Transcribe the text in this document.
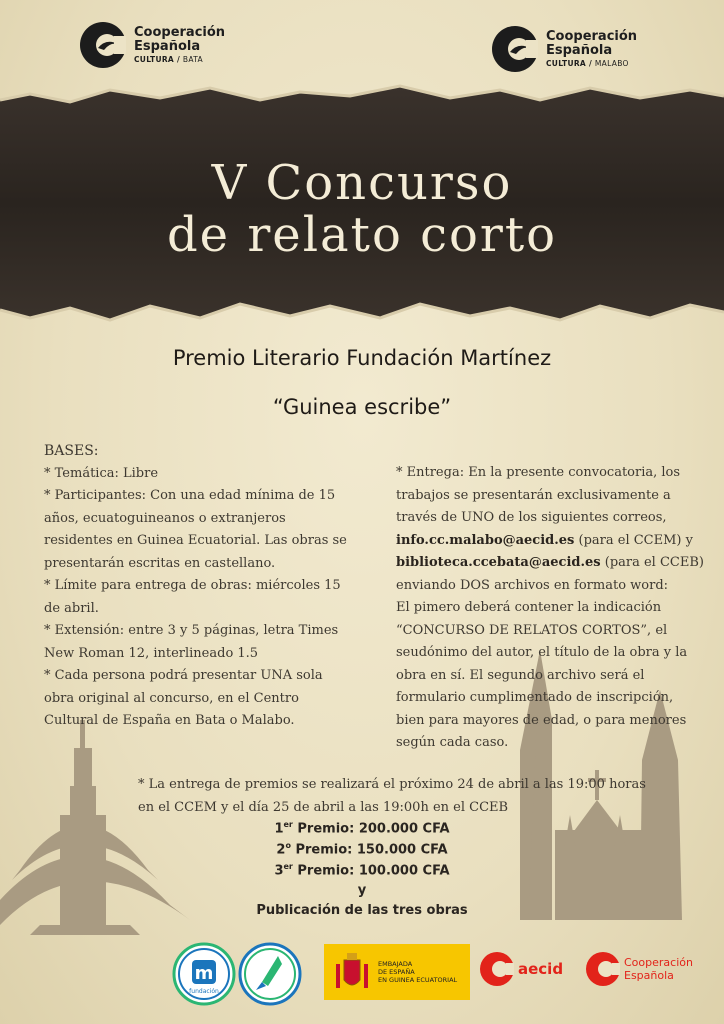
Cooperación
Española
CULTURA / BATA
Cooperación
Española
CULTURA / MALABO
V Concurso
de relato corto
Premio Literario Fundación Martínez
“Guinea escribe”

BASES:

* Temática: Libre

* Participantes: Con una edad mínima de 15

años, ecuatoguineanos o extranjeros

residentes en Guinea Ecuatorial. Las obras se

presentarán escritas en castellano.

* Límite para entrega de obras: miércoles 15

de abril.

* Extensión: entre 3 y 5 páginas, letra Times

New Roman 12, interlineado 1.5

* Cada persona podrá presentar UNA sola

obra original al concurso, en el Centro

Cultural de España en Bata o Malabo.

* Entrega: En la presente convocatoria, los

trabajos se presentarán exclusivamente a

través de UNO de los siguientes correos,

info.cc.malabo@aecid.es (para el CCEM) y

biblioteca.ccebata@aecid.es (para el CCEB)

enviando DOS archivos en formato word:

El pimero deberá contener la indicación

“CONCURSO DE RELATOS CORTOS”, el

seudónimo del autor, el título de la obra y la

obra en sí. El segundo archivo será el

formulario cumplimentado de inscripción,

bien para mayores de edad, o para menores

según cada caso.

* La entrega de premios se realizará el próximo 24 de abril a las 19:00 horas

en el CCEM y el día 25 de abril a las 19:00h en el CCEB

1er Premio: 200.000 CFA
2$^o$ Premio: 150.000 CFA
3er Premio: 100.000 CFA
y
Publicación de las tres obras
m
fundación
EMBAJADA
DE ESPAÑA
EN GUINEA ECUATORIAL
aecid	Cooperación
Española
